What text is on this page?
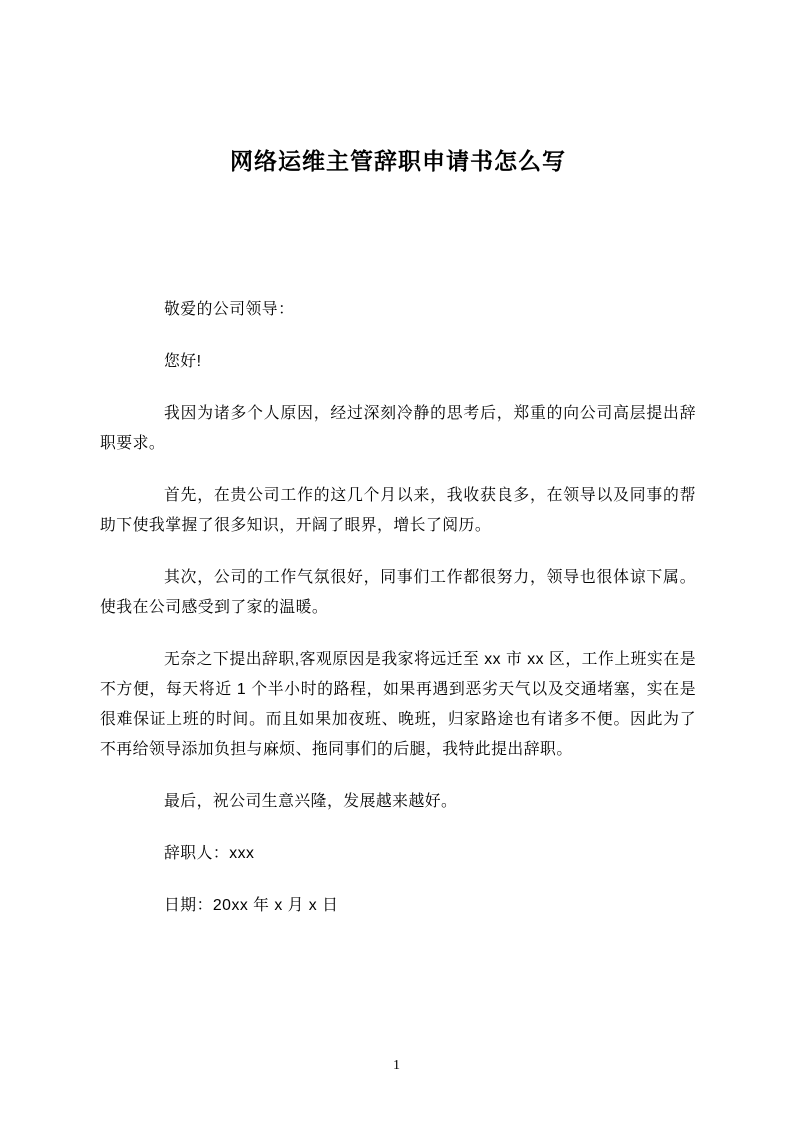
网络运维主管辞职申请书怎么写

敬爱的公司领导：

您好!

我因为诸多个人原因，经过深刻冷静的思考后，郑重的向公司高层提出辞职要求。

首先，在贵公司工作的这几个月以来，我收获良多，在领导以及同事的帮助下使我掌握了很多知识，开阔了眼界，增长了阅历。

其次，公司的工作气氛很好，同事们工作都很努力，领导也很体谅下属。使我在公司感受到了家的温暖。

无奈之下提出辞职,客观原因是我家将远迁至 xx 市 xx 区，工作上班实在是不方便，每天将近 1 个半小时的路程，如果再遇到恶劣天气以及交通堵塞，实在是很难保证上班的时间。而且如果加夜班、晚班，归家路途也有诸多不便。因此为了不再给领导添加负担与麻烦、拖同事们的后腿，我特此提出辞职。

最后，祝公司生意兴隆，发展越来越好。

辞职人：xxx

日期：20xx 年 x 月 x 日

1
